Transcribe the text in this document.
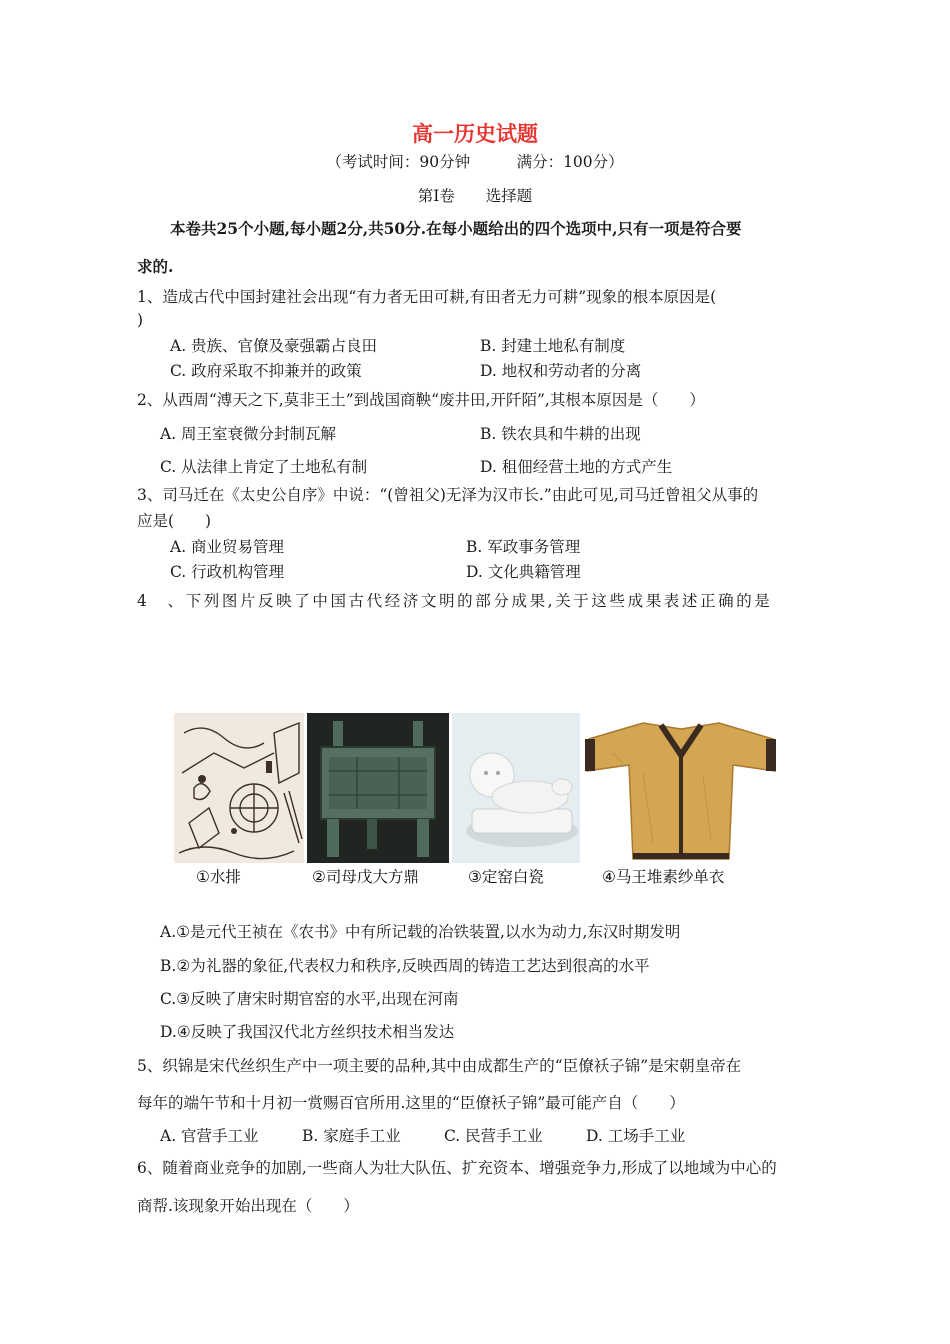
高一历史试题
（考试时间：90分钟　　　满分：100分）
第Ⅰ卷　　选择题
本卷共25个小题,每小题2分,共50分.在每小题给出的四个选项中,只有一项是符合要
求的.
1、造成古代中国封建社会出现“有力者无田可耕,有田者无力可耕”现象的根本原因是(
)
A. 贵族、官僚及豪强霸占良田	B. 封建土地私有制度
C. 政府采取不抑兼并的政策	D. 地权和劳动者的分离
2、从西周“溥天之下,莫非王土”到战国商鞅“废井田,开阡陌”,其根本原因是（　　）
A. 周王室衰微分封制瓦解	B. 铁农具和牛耕的出现
C. 从法律上肯定了土地私有制	D. 租佃经营土地的方式产生
3、司马迁在《太史公自序》中说：“(曾祖父)无泽为汉市长.”由此可见,司马迁曾祖父从事的
应是(　　)
A. 商业贸易管理	B. 军政事务管理
C. 行政机构管理	D. 文化典籍管理
4　、下列图片反映了中国古代经济文明的部分成果,关于这些成果表述正确的是
①水排	②司母戊大方鼎	③定窑白瓷	④马王堆素纱单衣
A.①是元代王祯在《农书》中有所记载的冶铁装置,以水为动力,东汉时期发明
B.②为礼器的象征,代表权力和秩序,反映西周的铸造工艺达到很高的水平
C.③反映了唐宋时期官窑的水平,出现在河南
D.④反映了我国汉代北方丝织技术相当发达
5、织锦是宋代丝织生产中一项主要的品种,其中由成都生产的“臣僚袄子锦”是宋朝皇帝在
每年的端午节和十月初一赏赐百官所用.这里的“臣僚袄子锦”最可能产自（　　）
A. 官营手工业	B. 家庭手工业	C. 民营手工业	D. 工场手工业
6、随着商业竞争的加剧,一些商人为壮大队伍、扩充资本、增强竞争力,形成了以地域为中心的
商帮.该现象开始出现在（　　）
